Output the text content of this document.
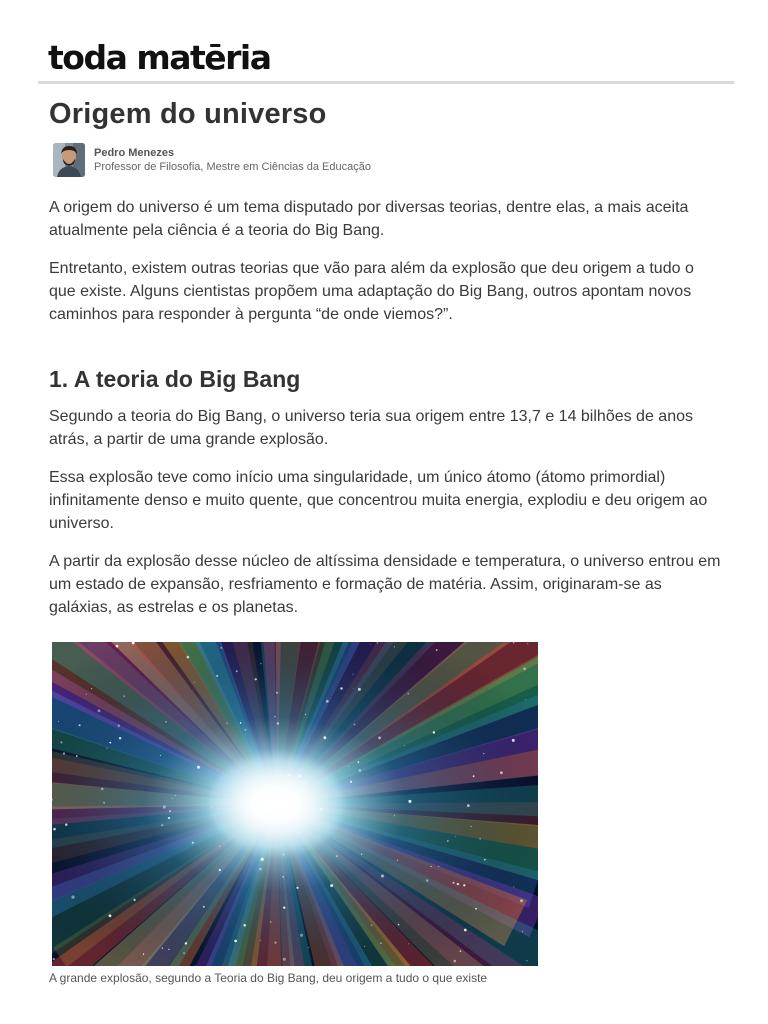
toda matēria
Origem do universo
Pedro Menezes
Professor de Filosofia, Mestre em Ciências da Educação

A origem do universo é um tema disputado por diversas teorias, dentre elas, a mais aceita atualmente pela ciência é a teoria do Big Bang.

Entretanto, existem outras teorias que vão para além da explosão que deu origem a tudo o que existe. Alguns cientistas propõem uma adaptação do Big Bang, outros apontam novos caminhos para responder à pergunta “de onde viemos?”.

1. A teoria do Big Bang

Segundo a teoria do Big Bang, o universo teria sua origem entre 13,7 e 14 bilhões de anos atrás, a partir de uma grande explosão.

Essa explosão teve como início uma singularidade, um único átomo (átomo primordial) infinitamente denso e muito quente, que concentrou muita energia, explodiu e deu origem ao universo.

A partir da explosão desse núcleo de altíssima densidade e temperatura, o universo entrou em um estado de expansão, resfriamento e formação de matéria. Assim, originaram-se as galáxias, as estrelas e os planetas.

A grande explosão, segundo a Teoria do Big Bang, deu origem a tudo o que existe
